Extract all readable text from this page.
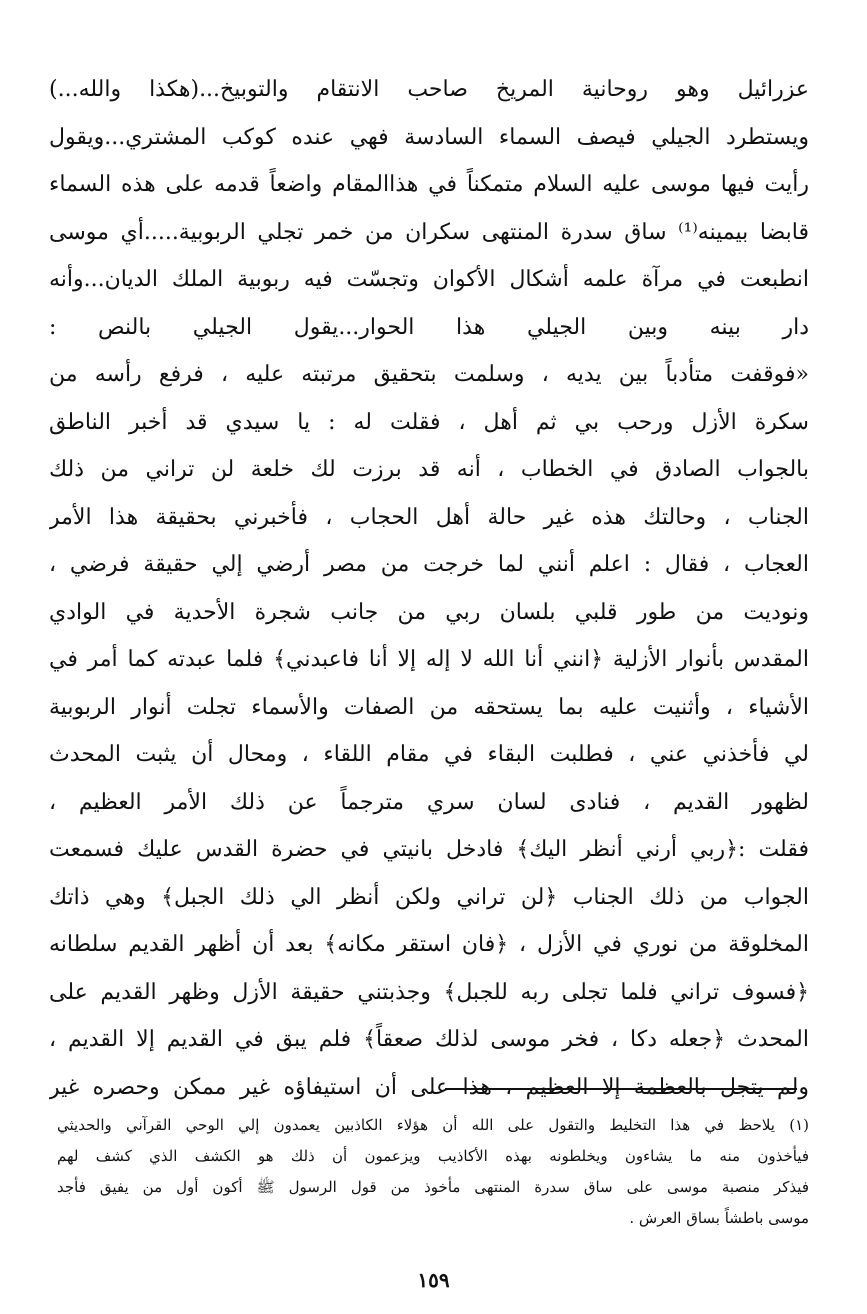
عزرائيل وهو روحانية المريخ صاحب الانتقام والتوبيخ...(هكذا والله...)
ويستطرد الجيلي فيصف السماء السادسة فهي عنده كوكب المشتري...ويقول
رأيت فيها موسى عليه السلام متمكناً في هذاالمقام واضعاً قدمه على هذه السماء
قابضا بيمينه⁽¹⁾ ساق سدرة المنتهى سكران من خمر تجلي الربوبية.....أي موسى
انطبعت في مرآة علمه أشكال الأكوان وتجسّت فيه ربوبية الملك الديان...وأنه
دار بينه وبين الجيلي هذا الحوار...يقول الجيلي بالنص :
«فوقفت متأدباً بين يديه ، وسلمت بتحقيق مرتبته عليه ، فرفع رأسه من
سكرة الأزل ورحب بي ثم أهل ، فقلت له : يا سيدي قد أخبر الناطق
بالجواب الصادق في الخطاب ، أنه قد برزت لك خلعة لن تراني من ذلك
الجناب ، وحالتك هذه غير حالة أهل الحجاب ، فأخبرني بحقيقة هذا الأمر
العجاب ، فقال : اعلم أنني لما خرجت من مصر أرضي إلي حقيقة فرضي ،
ونوديت من طور قلبي بلسان ربي من جانب شجرة الأحدية في الوادي
المقدس بأنوار الأزلية ﴿انني أنا الله لا إله إلا أنا فاعبدني﴾ فلما عبدته كما أمر في
الأشياء ، وأثنيت عليه بما يستحقه من الصفات والأسماء تجلت أنوار الربوبية
لي فأخذني عني ، فطلبت البقاء في مقام اللقاء ، ومحال أن يثبت المحدث
لظهور القديم ، فنادى لسان سري مترجماً عن ذلك الأمر العظيم ،
فقلت :﴿ربي أرني أنظر اليك﴾ فادخل بانيتي في حضرة القدس عليك فسمعت
الجواب من ذلك الجناب ﴿لن تراني ولكن أنظر الي ذلك الجبل﴾ وهي ذاتك
المخلوقة من نوري في الأزل ، ﴿فان استقر مكانه﴾ بعد أن أظهر القديم سلطانه
﴿فسوف تراني فلما تجلى ربه للجبل﴾ وجذبتني حقيقة الأزل وظهر القديم على
المحدث ﴿جعله دكا ، فخر موسى لذلك صعقاً﴾ فلم يبق في القديم إلا القديم ،
ولم يتجل بالعظمة إلا العظيم ، هذا على أن استيفاؤه غير ممكن وحصره غير
(١) يلاحظ في هذا التخليط والتقول على الله أن هؤلاء الكاذبين يعمدون إلي الوحي القرآني والحديثي
فيأخذون منه ما يشاءون ويخلطونه بهذه الأكاذيب ويزعمون أن ذلك هو الكشف الذي كشف لهم
فيذكر منصبة موسى على ساق سدرة المنتهى مأخوذ من قول الرسول ﷺ أكون أول من يفيق فأجد
موسى باطشاً بساق العرش .
١٥٩
